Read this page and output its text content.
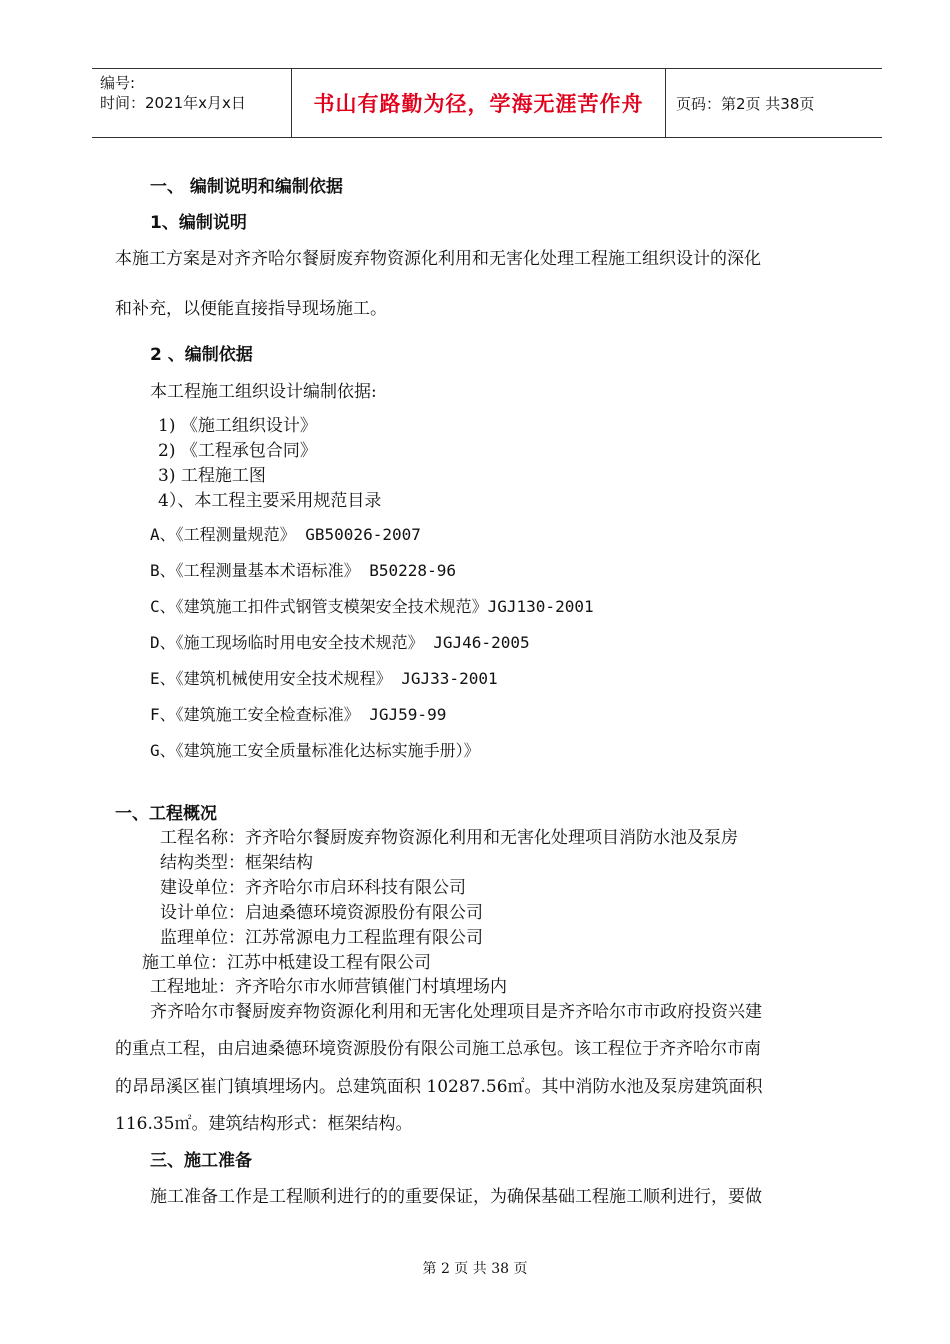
编号:
时间：2021年x月x日	书山有路勤为径，学海无涯苦作舟	页码：第2页 共38页
一、 编制说明和编制依据
1、编制说明
本施工方案是对齐齐哈尔餐厨废弃物资源化利用和无害化处理工程施工组织设计的深化
和补充，以便能直接指导现场施工。
2 、编制依据
本工程施工组织设计编制依据:
1) 《施工组织设计》
2) 《工程承包合同》
3) 工程施工图
4）、本工程主要采用规范目录
A、《工程测量规范》 GB50026-2007
B、《工程测量基本术语标准》 B50228-96
C、《建筑施工扣件式钢管支模架安全技术规范》JGJ130-2001
D、《施工现场临时用电安全技术规范》 JGJ46-2005
E、《建筑机械使用安全技术规程》 JGJ33-2001
F、《建筑施工安全检查标准》 JGJ59-99
G、《建筑施工安全质量标准化达标实施手册）》
一、工程概况
工程名称：齐齐哈尔餐厨废弃物资源化利用和无害化处理项目消防水池及泵房
结构类型：框架结构
建设单位：齐齐哈尔市启环科技有限公司
设计单位：启迪桑德环境资源股份有限公司
监理单位：江苏常源电力工程监理有限公司
施工单位：江苏中柢建设工程有限公司
工程地址：齐齐哈尔市水师营镇催门村填埋场内
齐齐哈尔市餐厨废弃物资源化利用和无害化处理项目是齐齐哈尔市市政府投资兴建
的重点工程，由启迪桑德环境资源股份有限公司施工总承包。该工程位于齐齐哈尔市南
的昂昂溪区崔门镇填埋场内。总建筑面积 10287.56㎡。其中消防水池及泵房建筑面积
116.35㎡。建筑结构形式：框架结构。
三、施工准备
施工准备工作是工程顺利进行的的重要保证，为确保基础工程施工顺利进行，要做
第 2 页 共 38 页
